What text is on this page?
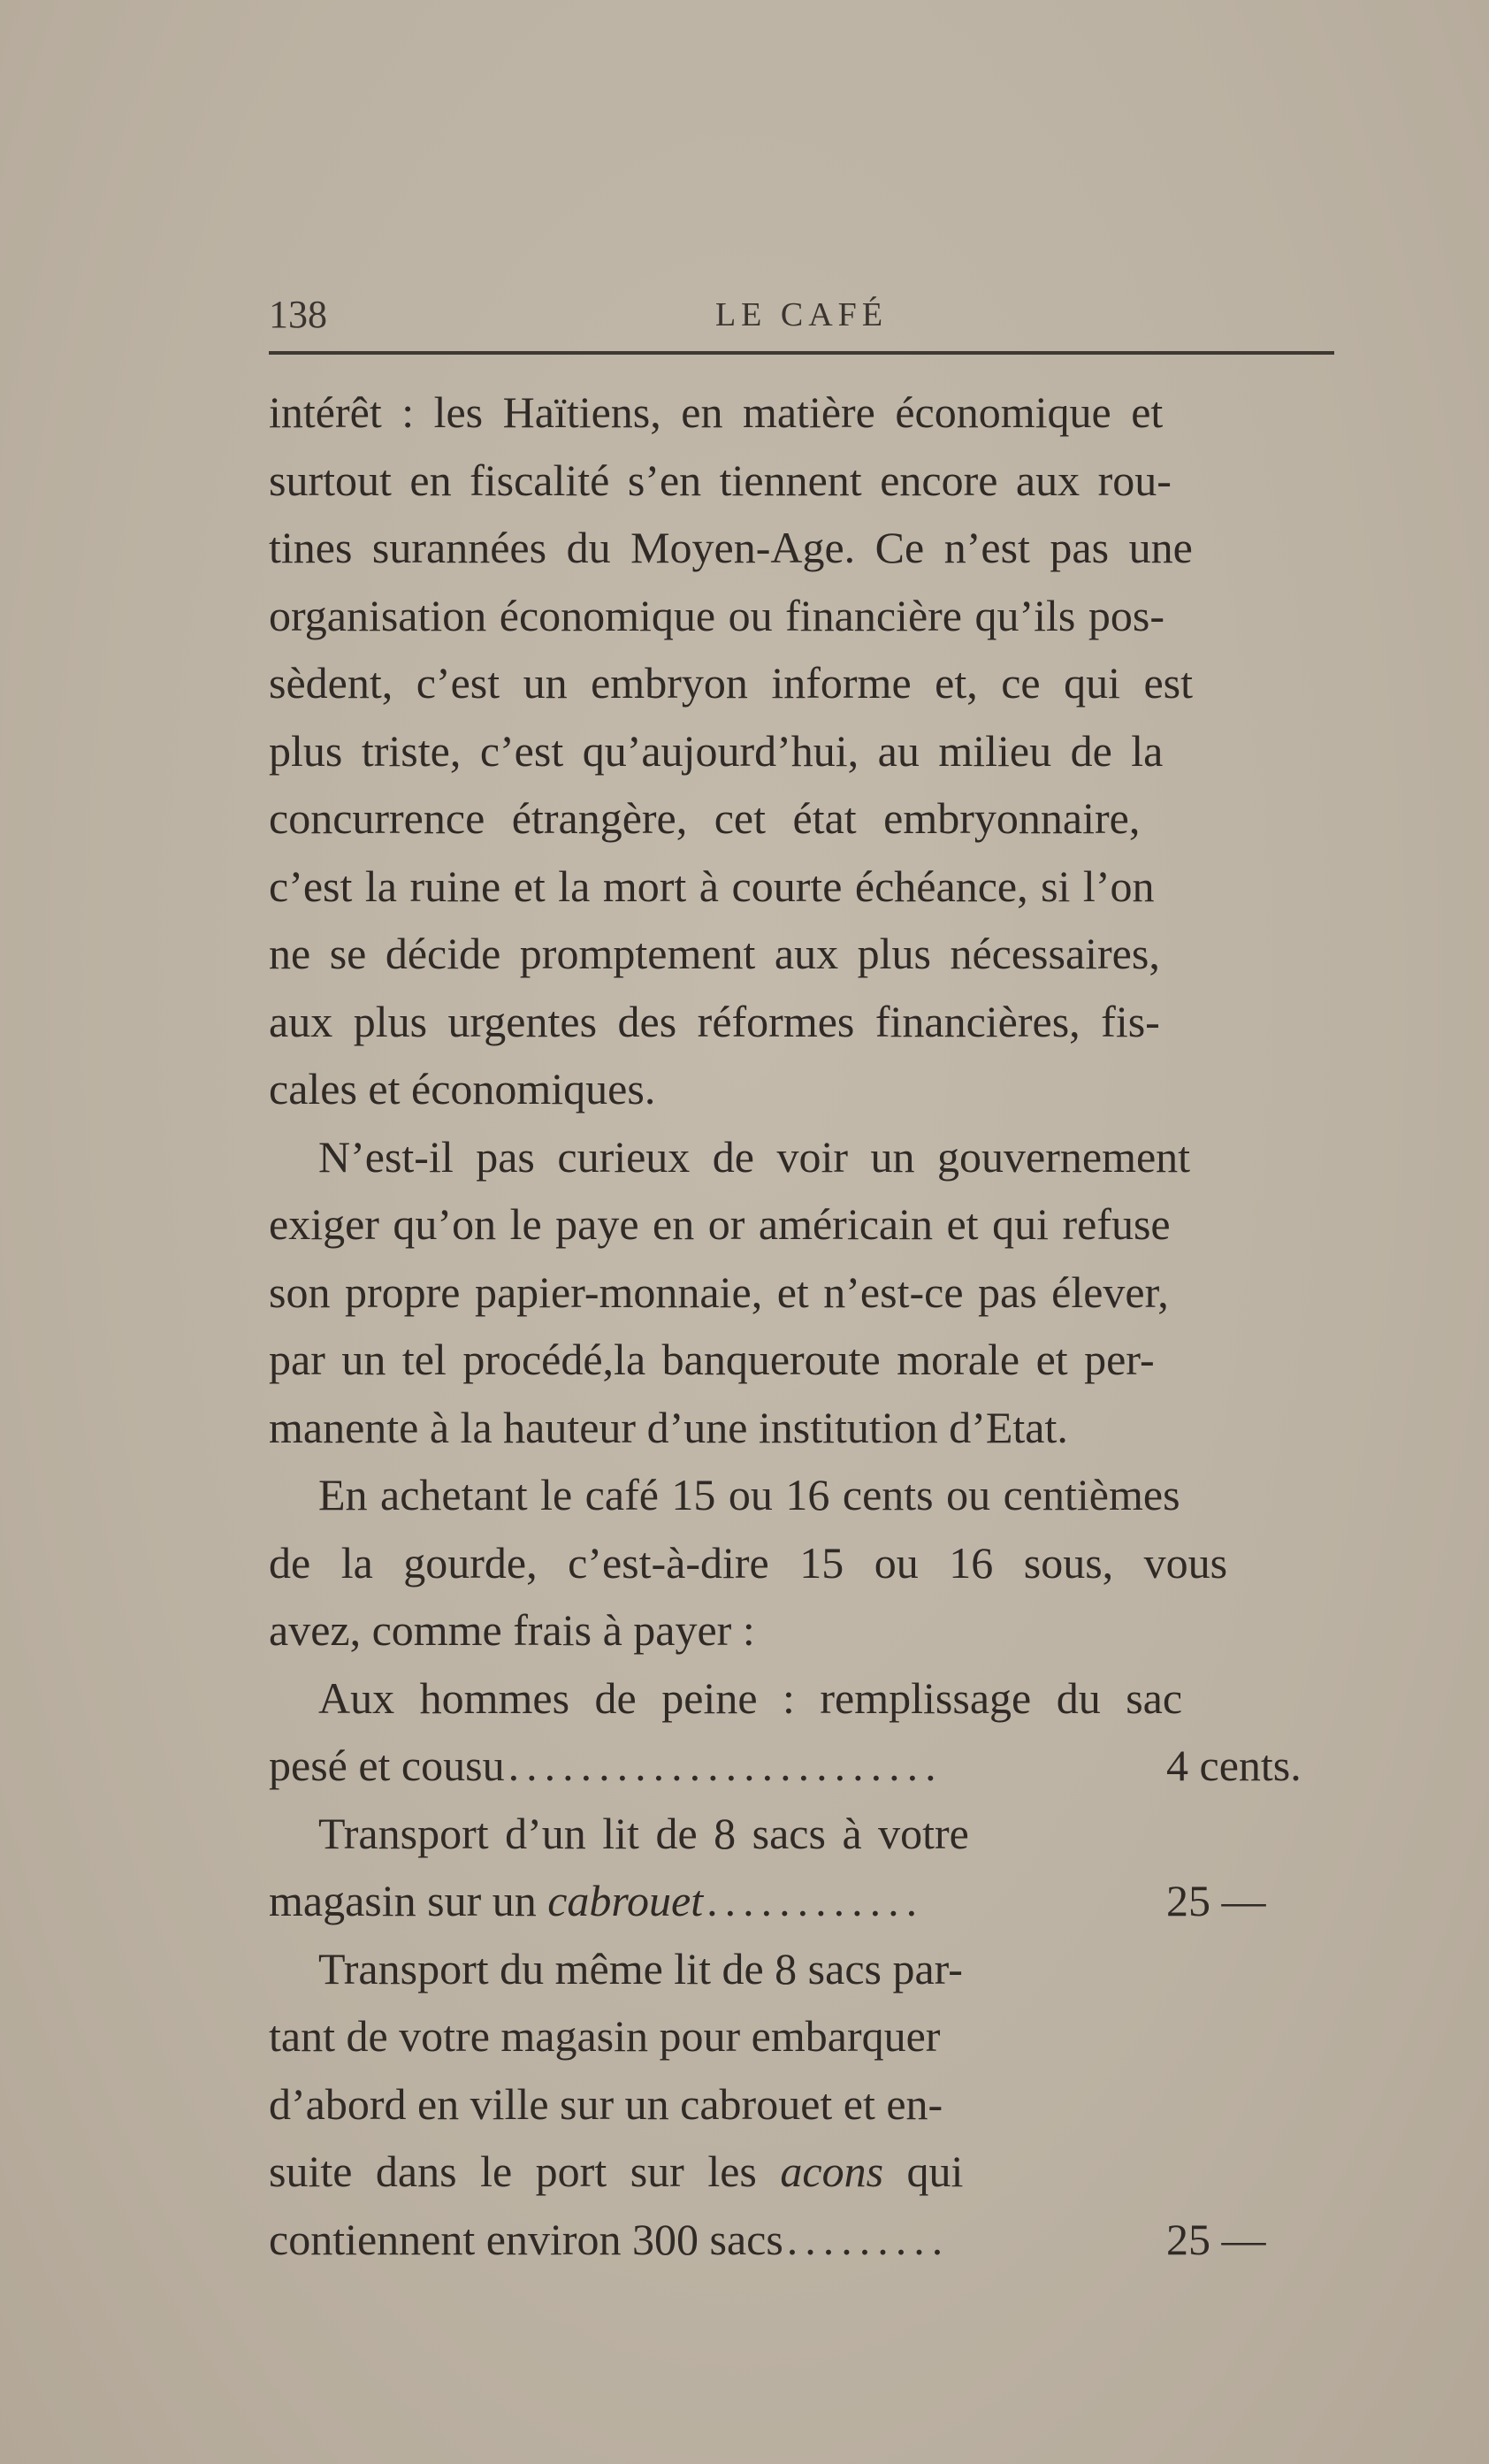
138	LE CAFÉ
intérêt : les Haïtiens, en matière économique et
surtout en fiscalité s’en tiennent encore aux rou-
tines surannées du Moyen-Age. Ce n’est pas une
organisation économique ou financière qu’ils pos-
sèdent, c’est un embryon informe et, ce qui est
plus triste, c’est qu’aujourd’hui, au milieu de la
concurrence étrangère, cet état embryonnaire,
c’est la ruine et la mort à courte échéance, si l’on
ne se décide promptement aux plus nécessaires,
aux plus urgentes des réformes financières, fis-
cales et économiques.
N’est-il pas curieux de voir un gouvernement
exiger qu’on le paye en or américain et qui refuse
son propre papier-monnaie, et n’est-ce pas élever,
par un tel procédé,la banqueroute morale et per-
manente à la hauteur d’une institution d’Etat.
En achetant le café 15 ou 16 cents ou centièmes
de la gourde, c’est-à-dire 15 ou 16 sous, vous
avez, comme frais à payer :
Aux hommes de peine : remplissage du sac
pesé et cousu ........................	4 cents.
Transport d’un lit de 8 sacs à votre
magasin sur un cabrouet ............	25 —
Transport du même lit de 8 sacs par-
tant de votre magasin pour embarquer
d’abord en ville sur un cabrouet et en-
suite dans le port sur les acons qui
contiennent environ 300 sacs .........	25 —
